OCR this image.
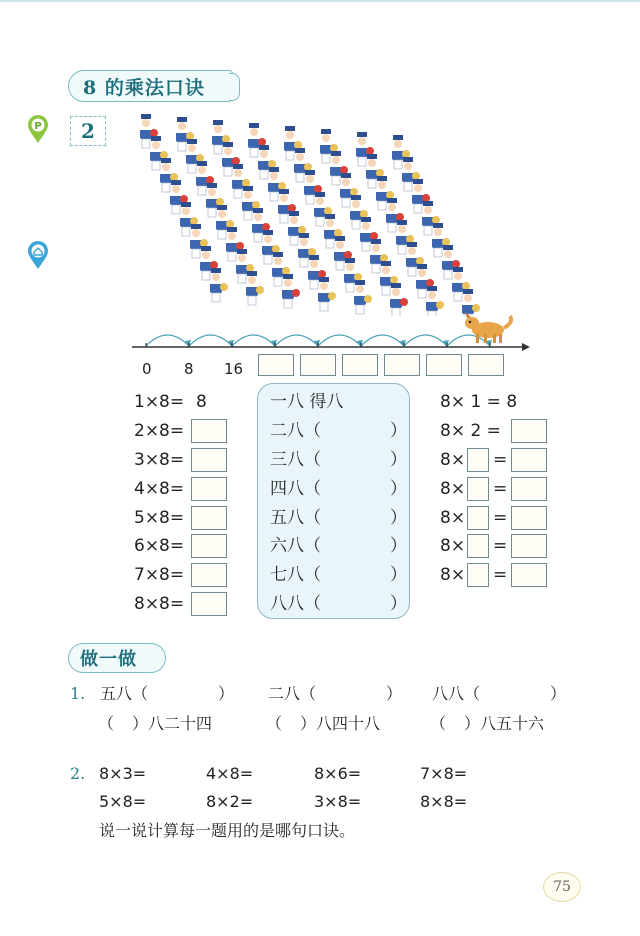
8 的乘法口诀
2
P
0 8 16
1×8= 8
2×8=
3×8=
4×8=
5×8=
6×8=
7×8=
8×8=
一八 得八
二八（	）
三八（	）
四八（	）
五八（	）
六八（	）
七八（	）
八八（	）
8× 1 = 8
8× 2 =
8× =
8× =
8× =
8× =
8× =
做一做
1. 五八（	） 二八（	） 八八（	）
（ ）八二十四	（ ）八四十八	（ ）八五十六
2. 8×3=	4×8=	8×6=	7×8=
5×8=	8×2=	3×8=	8×8=
说一说计算每一题用的是哪句口诀。
75
